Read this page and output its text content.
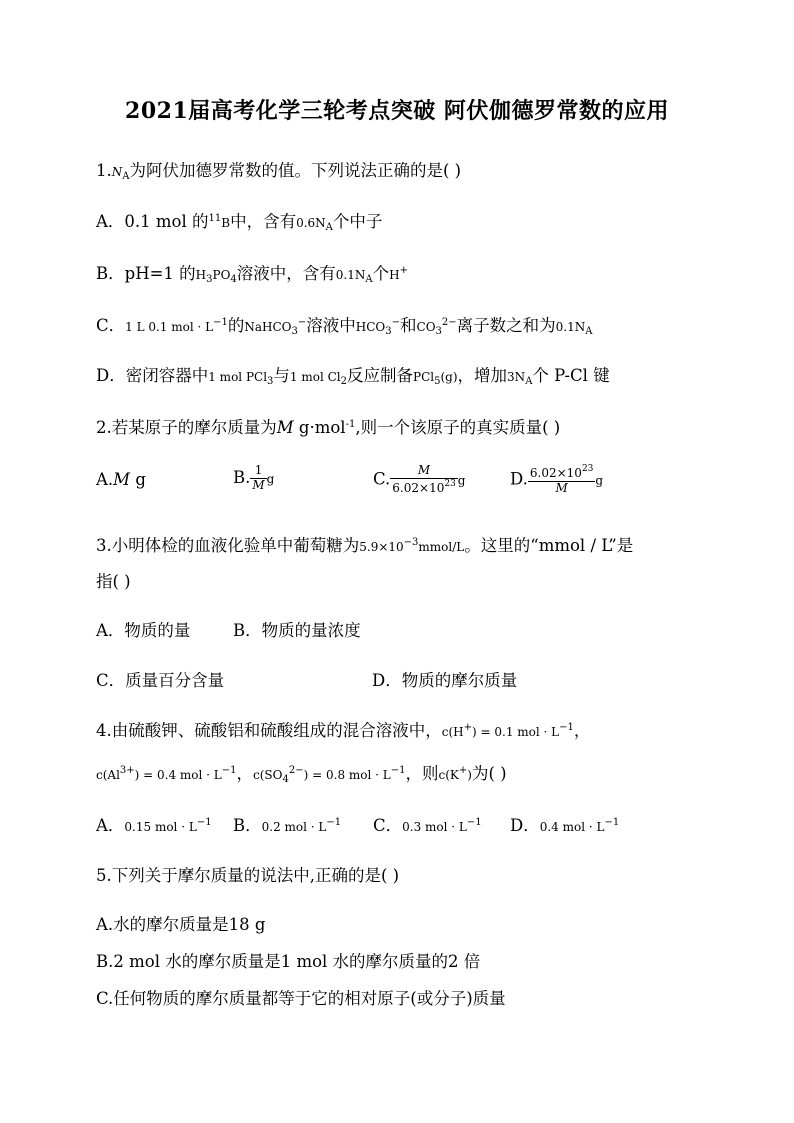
2021届高考化学三轮考点突破 阿伏伽德罗常数的应用
$1.N_A$为阿伏加德罗常数的值。下列说法正确的是( )
A．0.1 mol 的$^{11}$B中，含有$0.6N_A$个中子
B．pH=1 的$H_3PO_4$溶液中，含有$0.1N_A$个H+
C．1 L 0.1 mol · $L^{-1}$的NaHCO$_3$−溶液中$HCO_3^-$和$CO_3^{2-}$离子数之和为$0.1N_A$
D．密闭容器中1 mol PCl$_3$与1 mol $Cl_2$反应制备PCl$_5$(g)，增加$3N_A$个 P-Cl 键
2.若某原子的摩尔质量为M g·mol$^{-1}$,则一个该原子的真实质量( )
A.M g	B. $\frac{1}{M}$ g	C. $\frac{M}{6.02\times 10^{23}}$ g	D. $\frac{6.02\times 10^{23}}{M}$ g
3.小明体检的血液化验单中葡萄糖为$5.9\times 10^{-3}mmol/L$。这里的“mmol / L”是
指( )
A．物质的量	B．物质的量浓度
C．质量百分含量	D．物质的摩尔质量
4.由硫酸钾、硫酸铝和硫酸组成的混合溶液中，c(H+) = 0.1 mol · $L^{-1}$，
$c(Al^{3+}) = 0.4$ mol · $L^{-1}$，$c(SO_4^{2-}) = 0.8$ mol · $L^{-1}$，则c(K+)为( )
A．0.15 mol · $L^{-1}$ B．0.2 mol · $L^{-1}$ C．0.3 mol · $L^{-1}$ D．0.4 mol · $L^{-1}$
5.下列关于摩尔质量的说法中,正确的是( )
A.水的摩尔质量是18 g
B.2 mol 水的摩尔质量是1 mol 水的摩尔质量的2 倍
C.任何物质的摩尔质量都等于它的相对原子(或分子)质量
